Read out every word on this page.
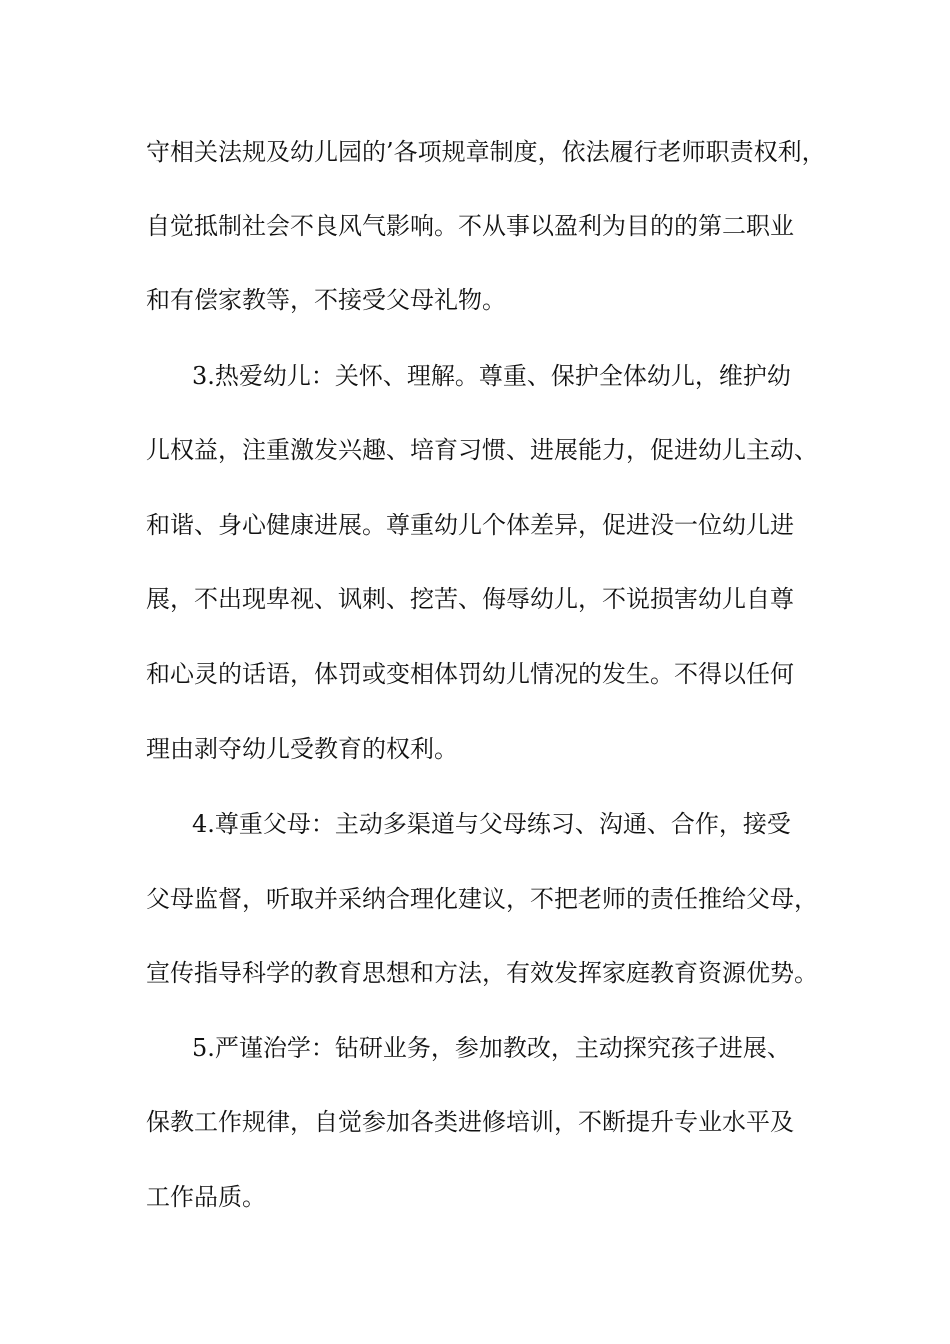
守相关法规及幼儿园的’各项规章制度，依法履行老师职责权利，
自觉抵制社会不良风气影响。不从事以盈利为目的的第二职业
和有偿家教等，不接受父母礼物。
3.热爱幼儿：关怀、理解。尊重、保护全体幼儿，维护幼
儿权益，注重激发兴趣、培育习惯、进展能力，促进幼儿主动、
和谐、身心健康进展。尊重幼儿个体差异，促进没一位幼儿进
展，不出现卑视、讽刺、挖苦、侮辱幼儿，不说损害幼儿自尊
和心灵的话语，体罚或变相体罚幼儿情况的发生。不得以任何
理由剥夺幼儿受教育的权利。
4.尊重父母：主动多渠道与父母练习、沟通、合作，接受
父母监督，听取并采纳合理化建议，不把老师的责任推给父母，
宣传指导科学的教育思想和方法，有效发挥家庭教育资源优势。
5.严谨治学：钻研业务，参加教改，主动探究孩子进展、
保教工作规律，自觉参加各类进修培训，不断提升专业水平及
工作品质。
